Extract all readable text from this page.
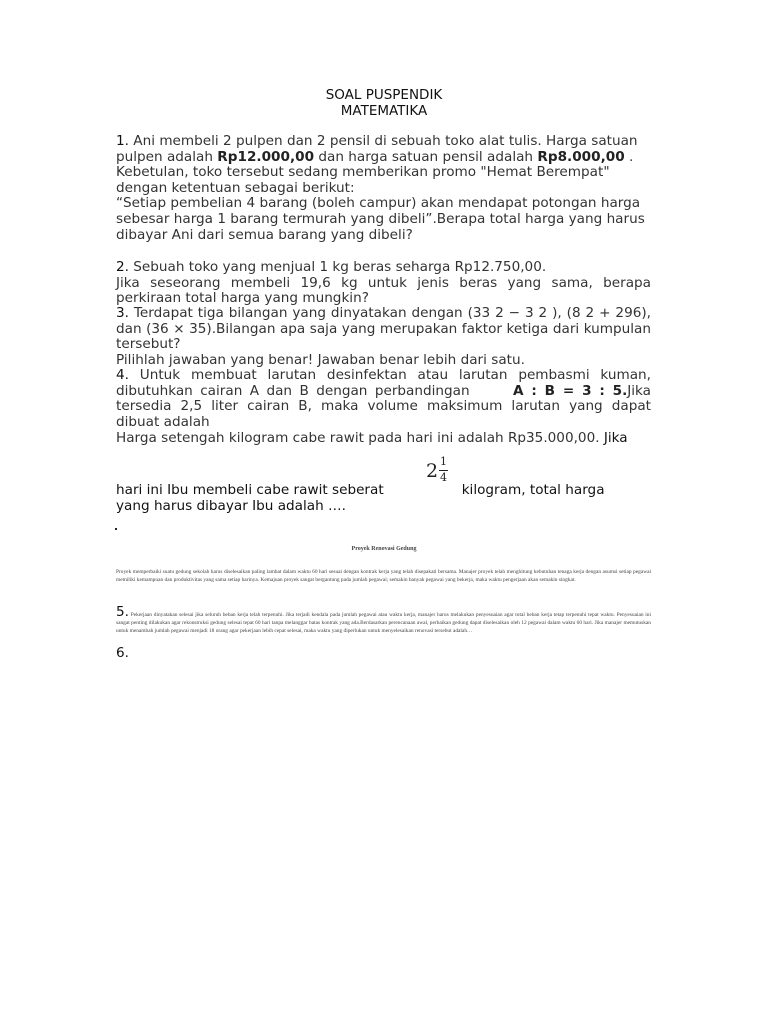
SOAL PUSPENDIK
MATEMATIKA
1. Ani membeli 2 pulpen dan 2 pensil di sebuah toko alat tulis. Harga satuan pulpen adalah Rp12.000,00 dan harga satuan pensil adalah Rp8.000,00 . Kebetulan, toko tersebut sedang memberikan promo "Hemat Berempat" dengan ketentuan sebagai berikut:
“Setiap pembelian 4 barang (boleh campur) akan mendapat potongan harga sebesar harga 1 barang termurah yang dibeli”.Berapa total harga yang harus dibayar Ani dari semua barang yang dibeli?
2. Sebuah toko yang menjual 1 kg beras seharga Rp12.750,00.
Jika seseorang membeli 19,6 kg untuk jenis beras yang sama, berapa perkiraan total harga yang mungkin?
3. Terdapat tiga bilangan yang dinyatakan dengan (33 2 − 3 2 ), (8 2 + 296), dan (36 × 35).Bilangan apa saja yang merupakan faktor ketiga dari kumpulan tersebut?
Pilihlah jawaban yang benar! Jawaban benar lebih dari satu.
4. Untuk membuat larutan desinfektan atau larutan pembasmi kuman, dibutuhkan cairan A dan B dengan perbandingan	A : B = 3 : 5.Jika tersedia 2,5 liter cairan B, maka volume maksimum larutan yang dapat dibuat adalah
Harga setengah kilogram cabe rawit pada hari ini adalah Rp35.000,00. Jika
2 1
4
hari ini Ibu membeli cabe rawit seberat	kilogram, total harga
yang harus dibayar Ibu adalah ….
Proyek Renovasi Gedung
Proyek memperbaiki suatu gedung sekolah harus diselesaikan paling lambat dalam waktu 60 hari sesuai dengan kontrak kerja yang telah disepakati bersama. Manajer proyek telah menghitung kebutuhan tenaga kerja dengan asumsi setiap pegawai memiliki kemampuan dan produktivitas yang sama setiap harinya. Kemajuan proyek sangat bergantung pada jumlah pegawai; semakin banyak pegawai yang bekerja, maka waktu pengerjaan akan semakin singkat.
5. Pekerjaan dinyatakan selesai jika seluruh beban kerja telah terpenuhi. Jika terjadi kendala pada jumlah pegawai atau waktu kerja, manajer harus melakukan penyesuaian agar total beban kerja tetap terpenuhi tepat waktu. Penyesuaian ini sangat penting dilakukan agar rekonstruksi gedung selesai tepat 60 hari tanpa melanggar batas kontrak yang ada.Berdasarkan perencanaan awal, perbaikan gedung dapat diselesaikan oleh 12 pegawai dalam waktu 60 hari. Jika manajer memutuskan untuk menambah jumlah pegawai menjadi 18 orang agar pekerjaan lebih cepat selesai, maka waktu yang diperlukan untuk menyelesaikan renovasi tersebut adalah…
6.
